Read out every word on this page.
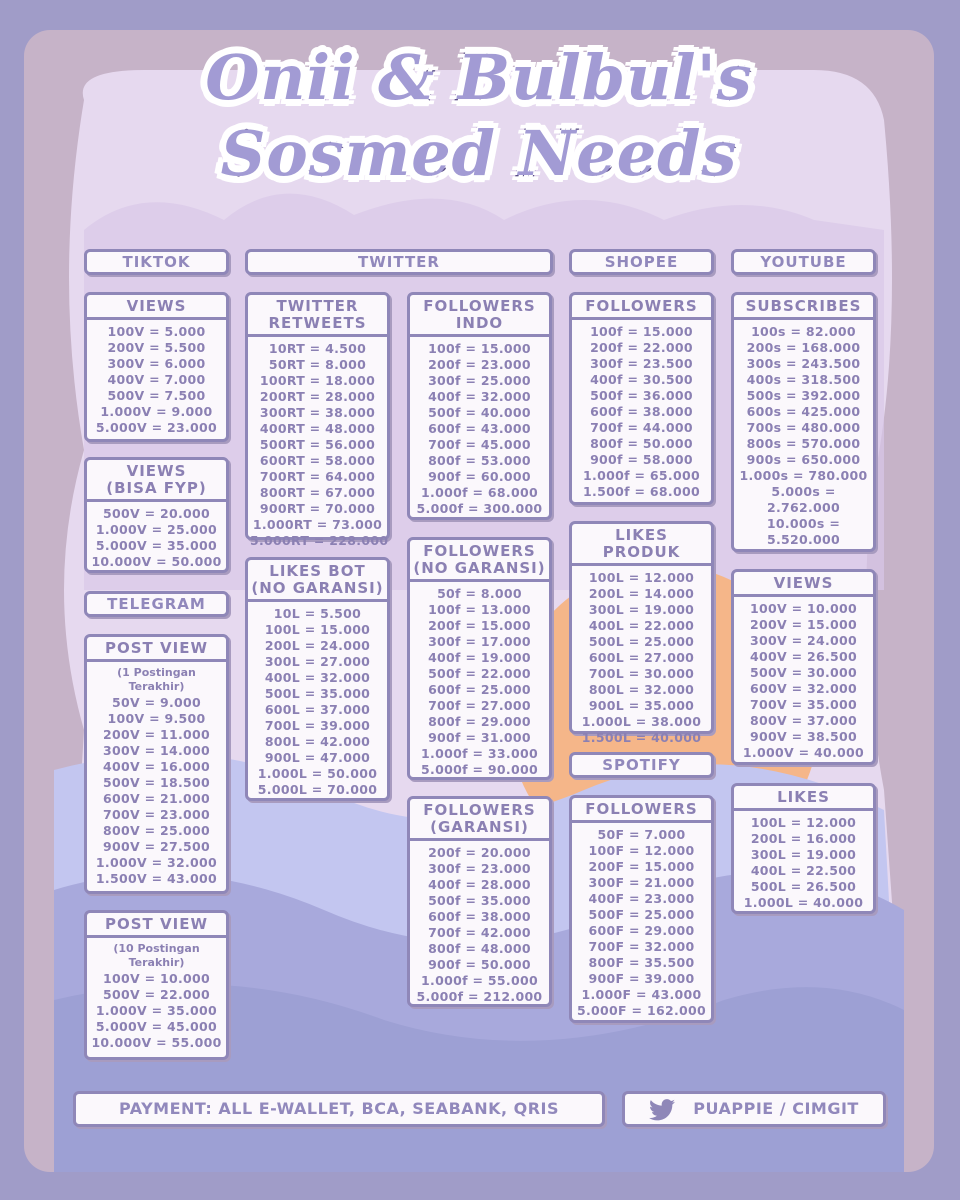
Onii & Bulbul's
Sosmed Needs
TIKTOK	TWITTER	SHOPEE	YOUTUBE
TELEGRAM
SPOTIFY
VIEWS
100V = 5.000
200V = 5.500
300V = 6.000
400V = 7.000
500V = 7.500
1.000V = 9.000
5.000V = 23.000
VIEWS
(BISA FYP)
500V = 20.000
1.000V = 25.000
5.000V = 35.000
10.000V = 50.000
POST VIEW
(1 Postingan
Terakhir)
50V = 9.000
100V = 9.500
200V = 11.000
300V = 14.000
400V = 16.000
500V = 18.500
600V = 21.000
700V = 23.000
800V = 25.000
900V = 27.500
1.000V = 32.000
1.500V = 43.000
POST VIEW
(10 Postingan
Terakhir)
100V = 10.000
500V = 22.000
1.000V = 35.000
5.000V = 45.000
10.000V = 55.000
TWITTER
RETWEETS
10RT = 4.500
50RT = 8.000
100RT = 18.000
200RT = 28.000
300RT = 38.000
400RT = 48.000
500RT = 56.000
600RT = 58.000
700RT = 64.000
800RT = 67.000
900RT = 70.000
1.000RT = 73.000
5.000RT = 228.000
LIKES BOT
(NO GARANSI)
10L = 5.500
100L = 15.000
200L = 24.000
300L = 27.000
400L = 32.000
500L = 35.000
600L = 37.000
700L = 39.000
800L = 42.000
900L = 47.000
1.000L = 50.000
5.000L = 70.000
FOLLOWERS
INDO
100f = 15.000
200f = 23.000
300f = 25.000
400f = 32.000
500f = 40.000
600f = 43.000
700f = 45.000
800f = 53.000
900f = 60.000
1.000f = 68.000
5.000f = 300.000
FOLLOWERS
(NO GARANSI)
50f = 8.000
100f = 13.000
200f = 15.000
300f = 17.000
400f = 19.000
500f = 22.000
600f = 25.000
700f = 27.000
800f = 29.000
900f = 31.000
1.000f = 33.000
5.000f = 90.000
FOLLOWERS
(GARANSI)
200f = 20.000
300f = 23.000
400f = 28.000
500f = 35.000
600f = 38.000
700f = 42.000
800f = 48.000
900f = 50.000
1.000f = 55.000
5.000f = 212.000
FOLLOWERS
100f = 15.000
200f = 22.000
300f = 23.500
400f = 30.500
500f = 36.000
600f = 38.000
700f = 44.000
800f = 50.000
900f = 58.000
1.000f = 65.000
1.500f = 68.000
LIKES PRODUK
100L = 12.000
200L = 14.000
300L = 19.000
400L = 22.000
500L = 25.000
600L = 27.000
700L = 30.000
800L = 32.000
900L = 35.000
1.000L = 38.000
1.500L = 40.000
FOLLOWERS
50F = 7.000
100F = 12.000
200F = 15.000
300F = 21.000
400F = 23.000
500F = 25.000
600F = 29.000
700F = 32.000
800F = 35.500
900F = 39.000
1.000F = 43.000
5.000F = 162.000
SUBSCRIBES
100s = 82.000
200s = 168.000
300s = 243.500
400s = 318.500
500s = 392.000
600s = 425.000
700s = 480.000
800s = 570.000
900s = 650.000
1.000s = 780.000
5.000s =
2.762.000
10.000s =
5.520.000
VIEWS
100V = 10.000
200V = 15.000
300V = 24.000
400V = 26.500
500V = 30.000
600V = 32.000
700V = 35.000
800V = 37.000
900V = 38.500
1.000V = 40.000
LIKES
100L = 12.000
200L = 16.000
300L = 19.000
400L = 22.500
500L = 26.500
1.000L = 40.000
PAYMENT: ALL E-WALLET, BCA, SEABANK, QRIS	PUAPPIE / CIMGIT
